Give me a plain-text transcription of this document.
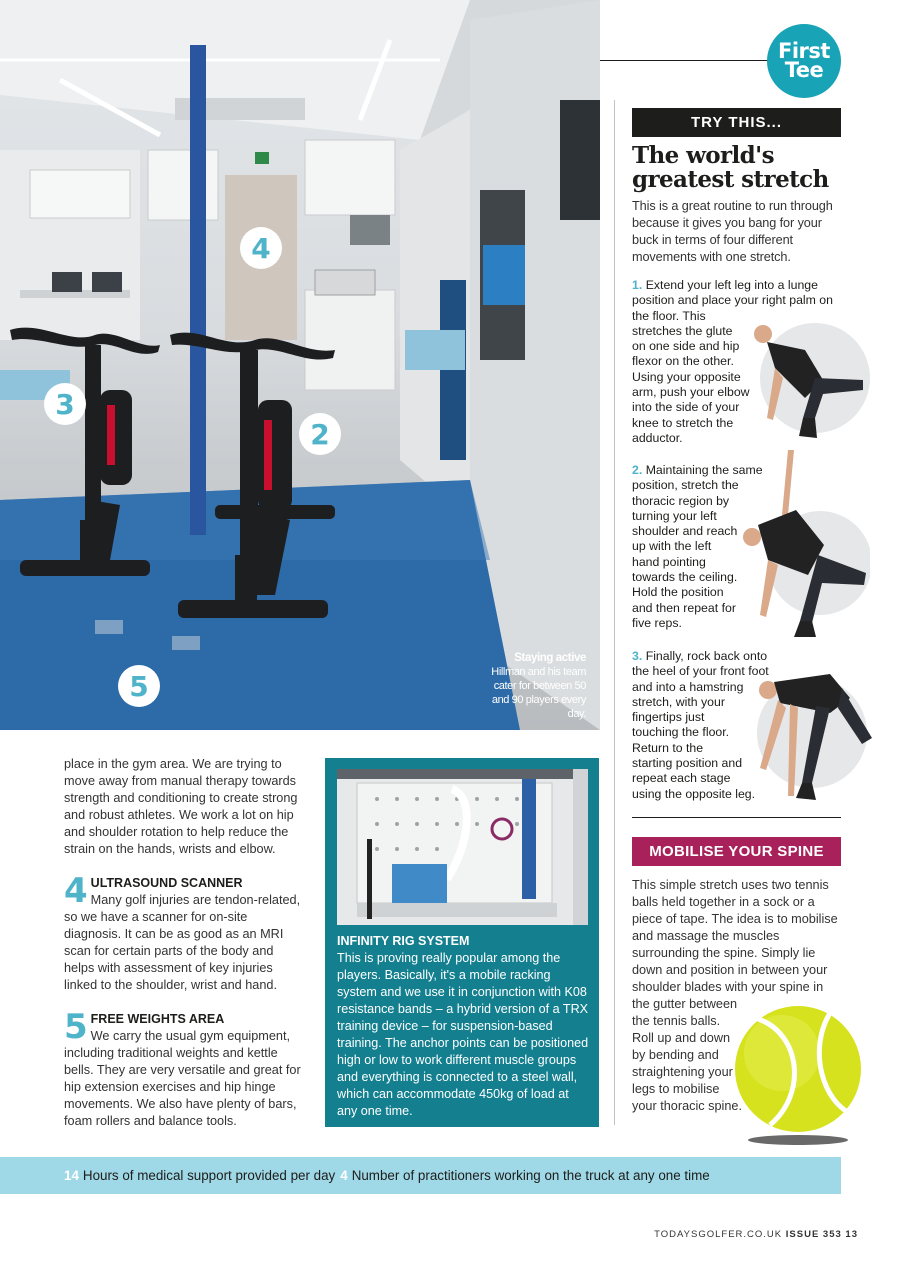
4
3
2
5
Staying active
Hillman and his team cater for between 50 and 90 players every day.
First
Tee
TRY THIS...
The world's greatest stretch
This is a great routine to run through because it gives you bang for your buck in terms of four different movements with one stretch.
1. Extend your left leg into a lunge
position and place your right palm on
the floor. This
stretches the glute
on one side and hip
flexor on the other.
Using your opposite
arm, push your elbow
into the side of your
knee to stretch the
adductor.
2. Maintaining the same
position, stretch the
thoracic region by
turning your left
shoulder and reach
up with the left
hand pointing
towards the ceiling.
Hold the position
and then repeat for
five reps.
3. Finally, rock back onto
the heel of your front foot
and into a hamstring
stretch, with your
fingertips just
touching the floor.
Return to the
starting position and
repeat each stage
using the opposite leg.
MOBILISE YOUR SPINE
This simple stretch uses two tennis balls held together in a sock or a piece of tape. The idea is to mobilise and massage the muscles surrounding the spine. Simply lie down and position in between your shoulder blades with your spine in
the gutter between the tennis balls. Roll up and down by bending and straightening your legs to mobilise your thoracic spine.
place in the gym area. We are trying to move away from manual therapy towards strength and conditioning to create strong and robust athletes. We work a lot on hip and shoulder rotation to help reduce the strain on the hands, wrists and elbow.
4 ULTRASOUND SCANNER
Many golf injuries are tendon-related, so we have a scanner for on-site diagnosis. It can be as good as an MRI scan for certain parts of the body and helps with assessment of key injuries linked to the shoulder, wrist and hand.
5 FREE WEIGHTS AREA
We carry the usual gym equipment, including traditional weights and kettle bells. They are very versatile and great for hip extension exercises and hip hinge movements. We also have plenty of bars, foam rollers and balance tools.
INFINITY RIG SYSTEM
This is proving really popular among the players. Basically, it's a mobile racking system and we use it in conjunction with K08 resistance bands – a hybrid version of a TRX training device – for suspension-based training. The anchor points can be positioned high or low to work different muscle groups and everything is connected to a steel wall, which can accommodate 450kg of load at any one time.
14 Hours of medical support provided per day 4 Number of practitioners working on the truck at any one time
TODAYSGOLFER.CO.UK ISSUE 353 13
